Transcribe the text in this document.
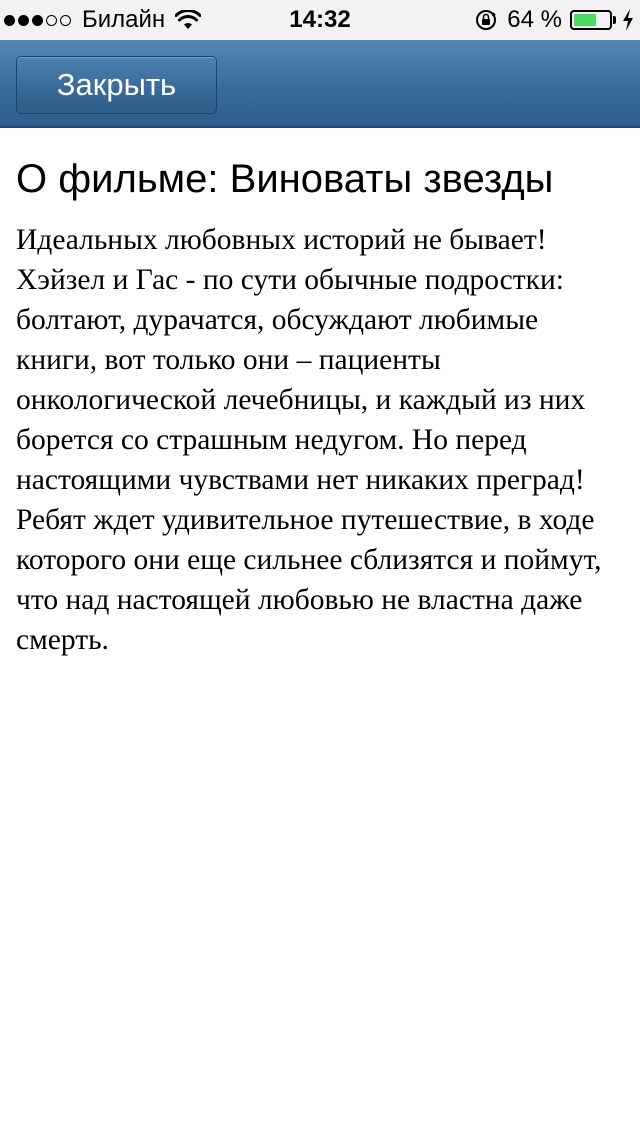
Билайн	14:32	64 %
Закрыть
О фильме: Виноваты звезды

Идеальных любовных историй не бывает! Хэйзел и Гас - по сути обычные подростки: болтают, дурачатся, обсуждают любимые книги, вот только они – пациенты онкологической лечебницы, и каждый из них борется со страшным недугом. Но перед настоящими чувствами нет никаких преград! Ребят ждет удивительное путешествие, в ходе которого они еще сильнее сблизятся и поймут, что над настоящей любовью не властна даже смерть.
